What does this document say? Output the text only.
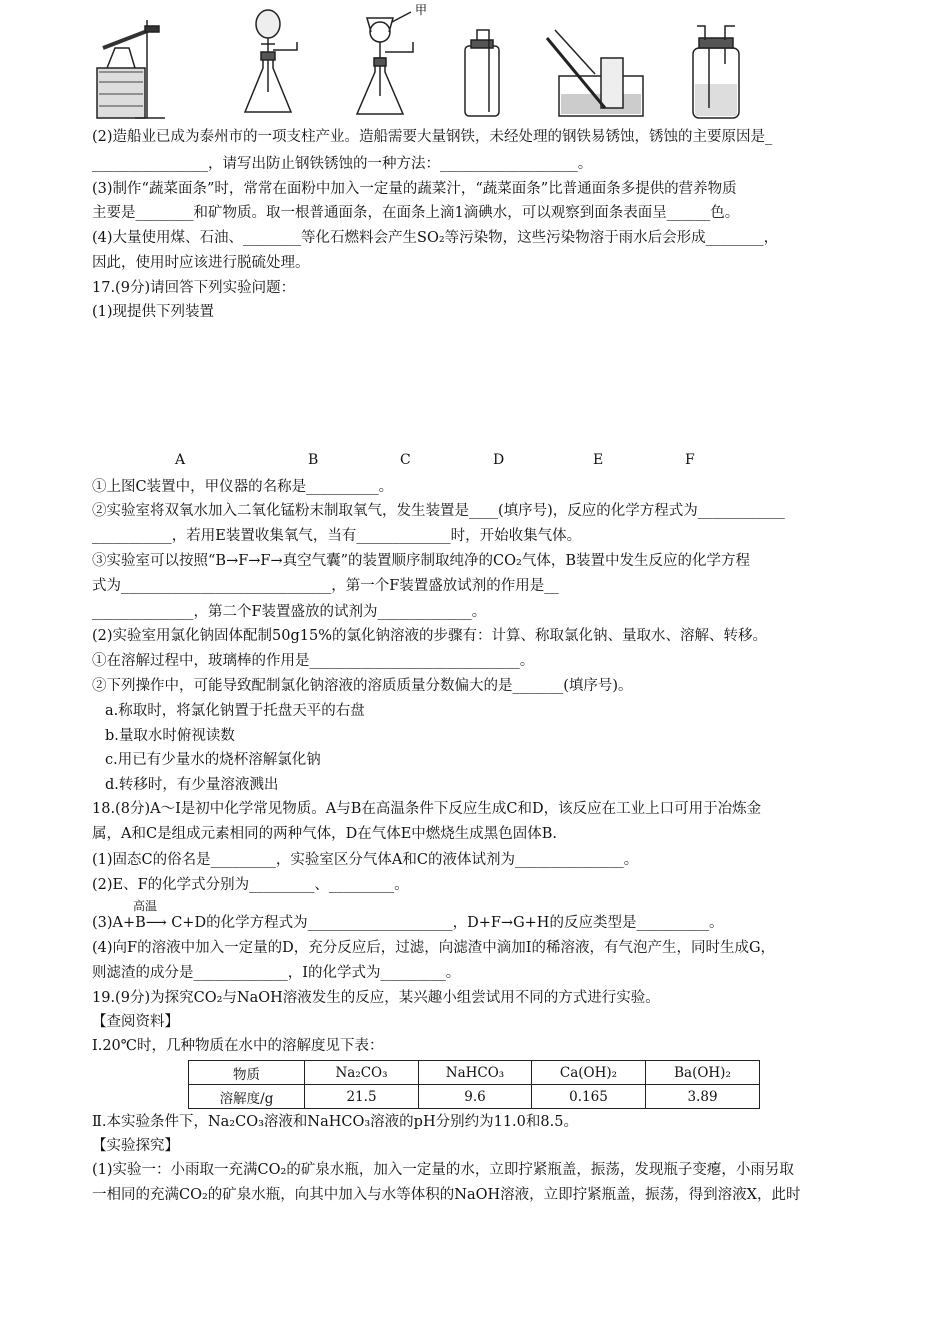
甲
(2)造船业已成为泰州市的一项支柱产业。造船需要大量钢铁，未经处理的钢铁易锈蚀，锈蚀的主要原因是_
________________，请写出防止钢铁锈蚀的一种方法：___________________。
(3)制作“蔬菜面条”时，常常在面粉中加入一定量的蔬菜汁，“蔬菜面条”比普通面条多提供的营养物质
主要是________和矿物质。取一根普通面条，在面条上滴1滴碘水，可以观察到面条表面呈______色。
(4)大量使用煤、石油、________等化石燃料会产生SO₂等污染物，这些污染物溶于雨水后会形成________，
因此，使用时应该进行脱硫处理。
17.(9分)请回答下列实验问题：
(1)现提供下列装置
A	B	C	D	E	F
①上图C装置中，甲仪器的名称是__________。
②实验室将双氧水加入二氧化锰粉末制取氧气，发生装置是____(填序号)，反应的化学方程式为____________
___________，若用E装置收集氧气，当有_____________时，开始收集气体。
③实验室可以按照“B→F→F→真空气囊”的装置顺序制取纯净的CO₂气体，B装置中发生反应的化学方程
式为_____________________________，第一个F装置盛放试剂的作用是__
______________，第二个F装置盛放的试剂为_____________。
(2)实验室用氯化钠固体配制50g15%的氯化钠溶液的步骤有：计算、称取氯化钠、量取水、溶解、转移。
①在溶解过程中，玻璃棒的作用是_____________________________。
②下列操作中，可能导致配制氯化钠溶液的溶质质量分数偏大的是_______(填序号)。
a.称取时，将氯化钠置于托盘天平的右盘
b.量取水时俯视读数
c.用已有少量水的烧杯溶解氯化钠
d.转移时，有少量溶液溅出
18.(8分)A～I是初中化学常见物质。A与B在高温条件下反应生成C和D，该反应在工业上口可用于冶炼金
属，A和C是组成元素相同的两种气体，D在气体E中燃烧生成黑色固体B.
(1)固态C的俗名是_________，实验室区分气体A和C的液体试剂为_______________。
(2)E、F的化学式分别为_________、_________。
高温
(3)A+B⟶ C+D的化学方程式为____________________，D+F→G+H的反应类型是__________。
(4)向F的溶液中加入一定量的D，充分反应后，过滤，向滤渣中滴加I的稀溶液，有气泡产生，同时生成G，
则滤渣的成分是_____________，I的化学式为_________。
19.(9分)为探究CO₂与NaOH溶液发生的反应，某兴趣小组尝试用不同的方式进行实验。
【查阅资料】
Ⅰ.20℃时，几种物质在水中的溶解度见下表：
物质	Na₂CO₃	NaHCO₃	Ca(OH)₂	Ba(OH)₂
溶解度/g	21.5	9.6	0.165	3.89
Ⅱ.本实验条件下，Na₂CO₃溶液和NaHCO₃溶液的pH分别约为11.0和8.5。
【实验探究】
(1)实验一：小雨取一充满CO₂的矿泉水瓶，加入一定量的水，立即拧紧瓶盖，振荡，发现瓶子变瘪，小雨另取
一相同的充满CO₂的矿泉水瓶，向其中加入与水等体积的NaOH溶液，立即拧紧瓶盖，振荡，得到溶液X，此时
